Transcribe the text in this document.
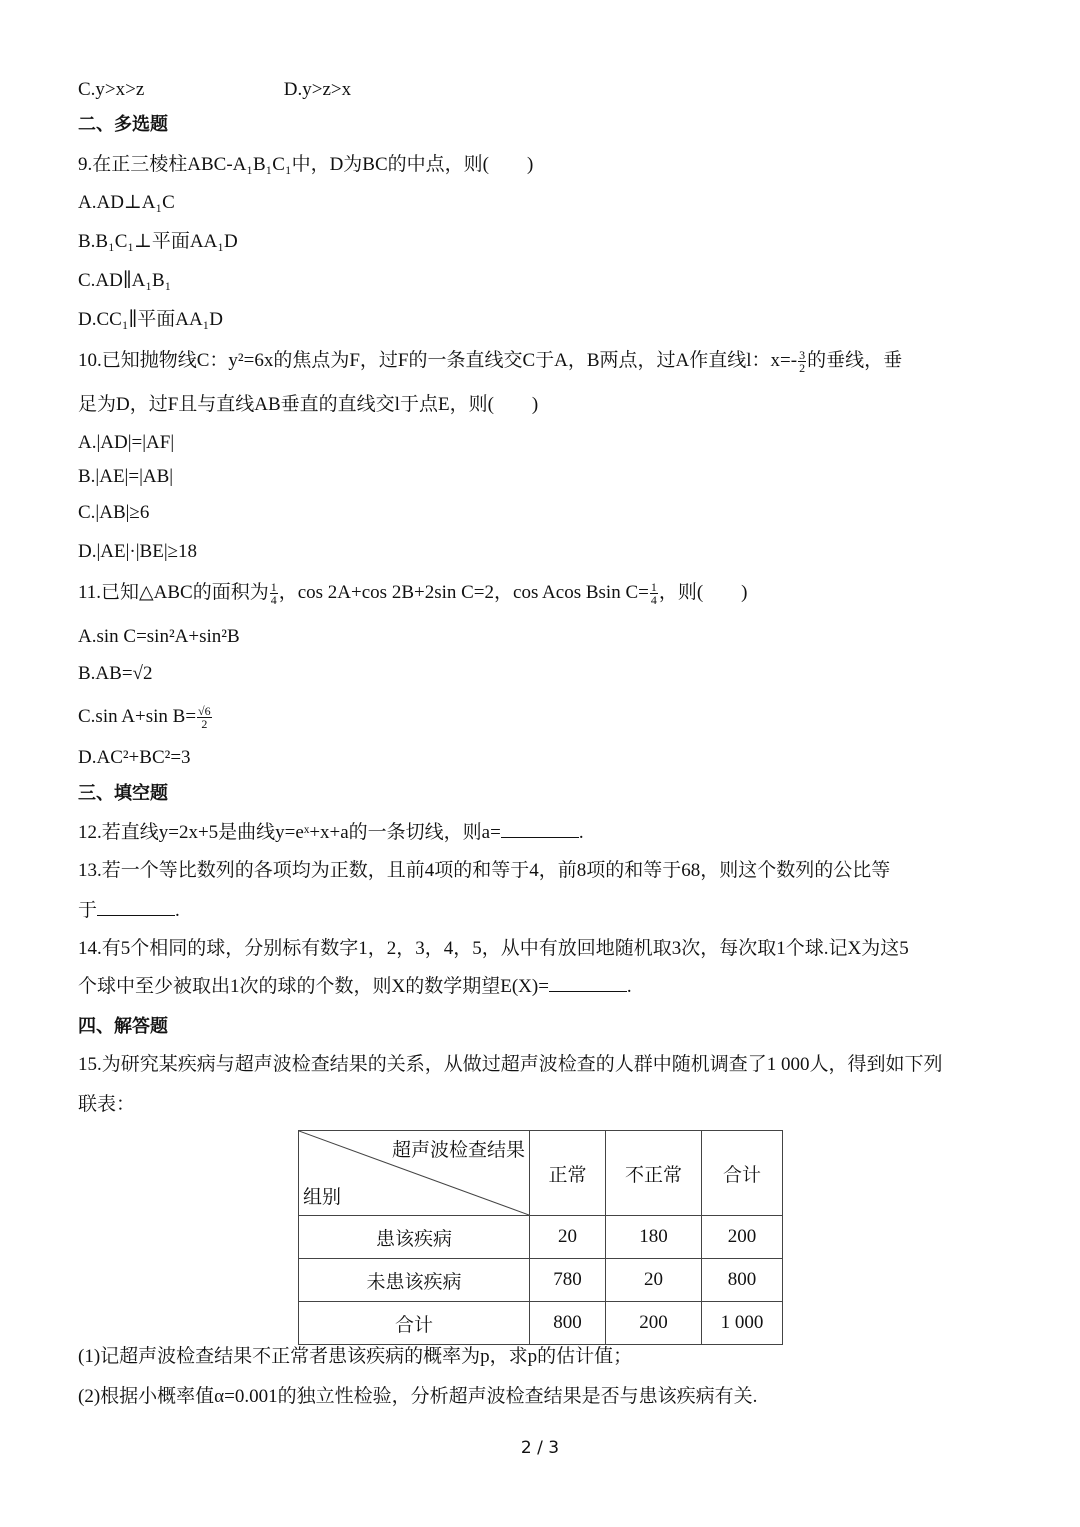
C.y>x>z	D.y>z>x
二、多选题
9.在正三棱柱ABC-A₁B₁C₁中，D为BC的中点，则(　　)
A.AD⊥A₁C
B.B₁C₁⊥平面AA₁D
C.AD∥A₁B₁
D.CC₁∥平面AA₁D
10.已知抛物线C：y²=6x的焦点为F，过F的一条直线交C于A，B两点，过A作直线l：$x=- \frac{3}{2}$ 的垂线，垂
足为D，过F且与直线AB垂直的直线交l于点E，则(　　)
A.|AD|=|AF|
B.|AE|=|AB|
C.|AB|≥6
D.|AE|·|BE|≥18
11.已知△ABC的面积为 $\frac{1}{4}$ ，cos 2A+cos 2B+2sin C=2，cos Acos Bsin $C= \frac{1}{4}$ ，则(　　)
A.sin C=sin²A+sin²B
B.AB=√2
C.sin A+sin $B= \frac{√6}{2}$
D.AC²+BC²=3
三、填空题
12.若直线y=2x+5是曲线y=eˣ+x+a的一条切线，则a=	.
13.若一个等比数列的各项均为正数，且前4项的和等于4，前8项的和等于68，则这个数列的公比等
于	.
14.有5个相同的球，分别标有数字1，2，3，4，5，从中有放回地随机取3次，每次取1个球.记X为这5
个球中至少被取出1次的球的个数，则X的数学期望E(X)=	.
四、解答题
15.为研究某疾病与超声波检查结果的关系，从做过超声波检查的人群中随机调查了1 000人，得到如下列
联表：
超声波检查结果
组别	正常	不正常	合计
患该疾病	20	180	200
未患该疾病	780	20	800
合计	800	200	1 000
(1)记超声波检查结果不正常者患该疾病的概率为p，求p的估计值；
(2)根据小概率值α=0.001的独立性检验，分析超声波检查结果是否与患该疾病有关.
2 / 3
